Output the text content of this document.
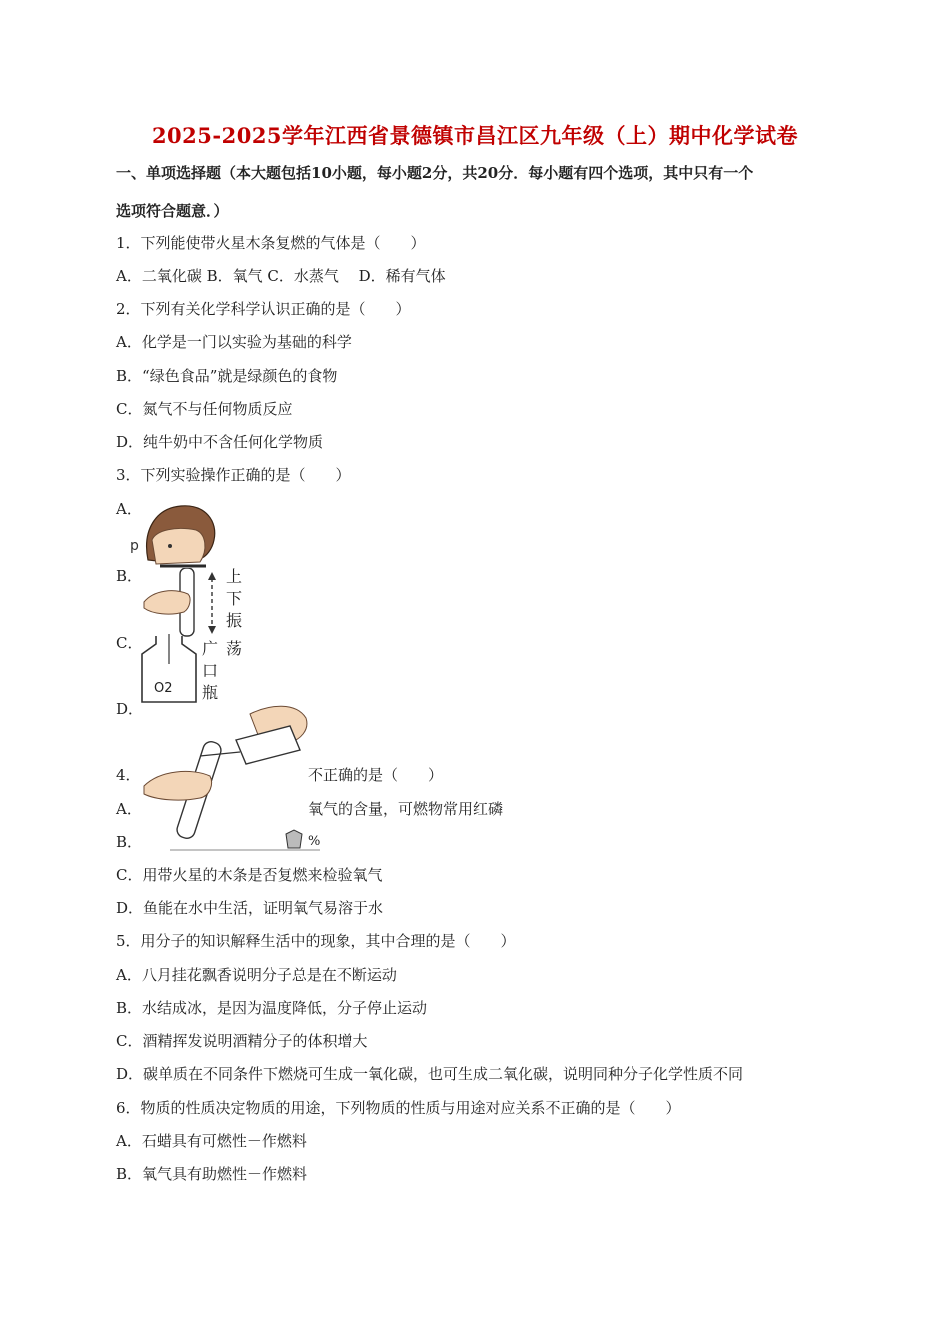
2025-2025学年江西省景德镇市昌江区九年级（上）期中化学试卷
一、单项选择题（本大题包括10小题，每小题2分，共20分．每小题有四个选项，其中只有一个
选项符合题意．）
1．下列能使带火星木条复燃的气体是（　　）
A．二氧化碳 B．氧气 C．水蒸气　 D．稀有气体
2．下列有关化学科学认识正确的是（　　）
A．化学是一门以实验为基础的科学
B．“绿色食品”就是绿颜色的食物
C．氮气不与任何物质反应
D．纯牛奶中不含任何化学物质
3．下列实验操作正确的是（　　）
A．
B．
C．
D．
p
上
下
振
荡
O2
广
口
瓶
4．	不正确的是（　　）
A．	氧气的含量，可燃物常用红磷
B．	%
C．用带火星的木条是否复燃来检验氧气
D．鱼能在水中生活，证明氧气易溶于水
5．用分子的知识解释生活中的现象，其中合理的是（　　）
A．八月挂花飘香说明分子总是在不断运动
B．水结成冰，是因为温度降低，分子停止运动
C．酒精挥发说明酒精分子的体积增大
D．碳单质在不同条件下燃烧可生成一氧化碳，也可生成二氧化碳，说明同种分子化学性质不同
6．物质的性质决定物质的用途，下列物质的性质与用途对应关系不正确的是（　　）
A．石蜡具有可燃性－作燃料
B．氧气具有助燃性－作燃料
